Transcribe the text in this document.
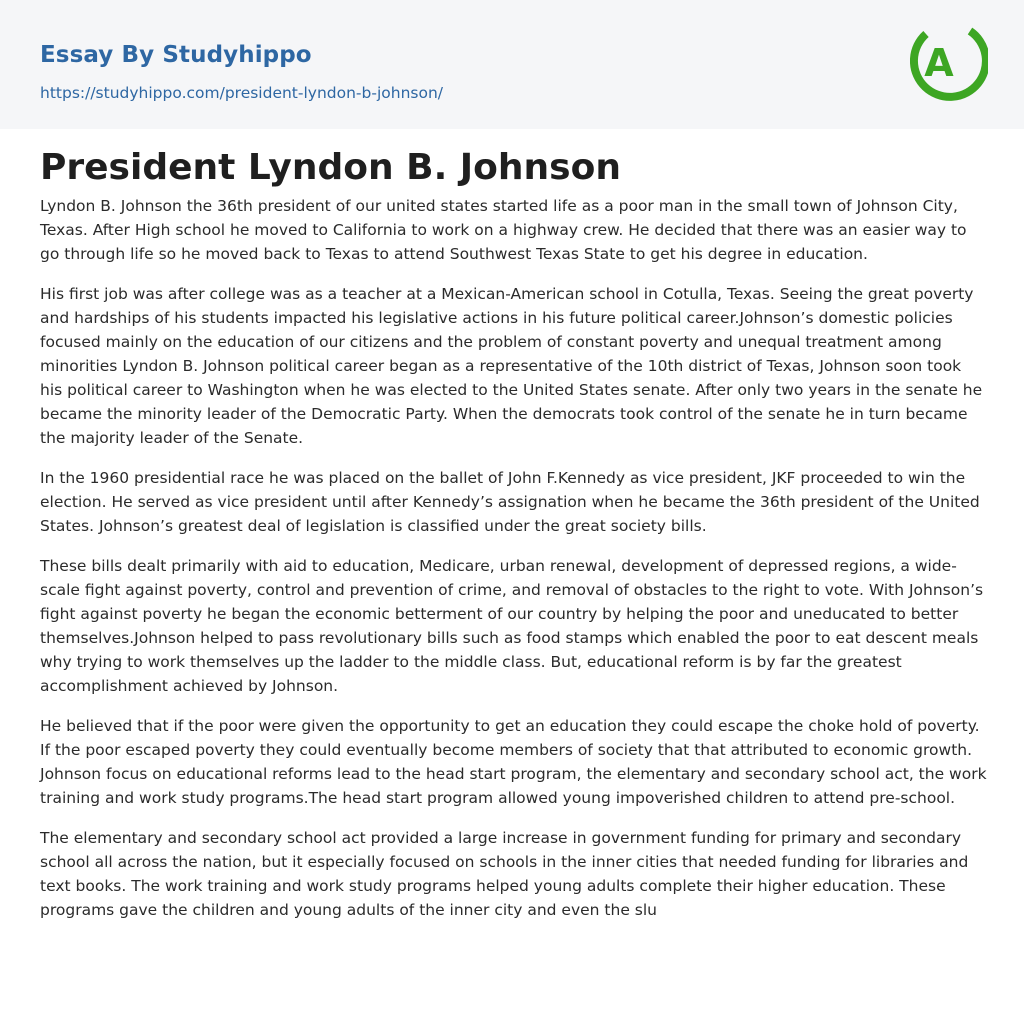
Essay By Studyhippo
https://studyhippo.com/president-lyndon-b-johnson/
A
President Lyndon B. Johnson

Lyndon B. Johnson the 36th president of our united states started life as a poor man in the small town of Johnson City, Texas. After High school he moved to California to work on a highway crew. He decided that there was an easier way to go through life so he moved back to Texas to attend Southwest Texas State to get his degree in education.

His first job was after college was as a teacher at a Mexican-American school in Cotulla, Texas. Seeing the great poverty and hardships of his students impacted his legislative actions in his future political career.Johnson’s domestic policies focused mainly on the education of our citizens and the problem of constant poverty and unequal treatment among minorities Lyndon B. Johnson political career began as a representative of the 10th district of Texas, Johnson soon took his political career to Washington when he was elected to the United States senate. After only two years in the senate he became the minority leader of the Democratic Party. When the democrats took control of the senate he in turn became the majority leader of the Senate.

In the 1960 presidential race he was placed on the ballet of John F.Kennedy as vice president, JKF proceeded to win the election. He served as vice president until after Kennedy’s assignation when he became the 36th president of the United States. Johnson’s greatest deal of legislation is classified under the great society bills.

These bills dealt primarily with aid to education, Medicare, urban renewal, development of depressed regions, a wide-scale fight against poverty, control and prevention of crime, and removal of obstacles to the right to vote. With Johnson’s fight against poverty he began the economic betterment of our country by helping the poor and uneducated to better themselves.Johnson helped to pass revolutionary bills such as food stamps which enabled the poor to eat descent meals why trying to work themselves up the ladder to the middle class. But, educational reform is by far the greatest accomplishment achieved by Johnson.

He believed that if the poor were given the opportunity to get an education they could escape the choke hold of poverty. If the poor escaped poverty they could eventually become members of society that that attributed to economic growth. Johnson focus on educational reforms lead to the head start program, the elementary and secondary school act, the work training and work study programs.The head start program allowed young impoverished children to attend pre-school.

The elementary and secondary school act provided a large increase in government funding for primary and secondary school all across the nation, but it especially focused on schools in the inner cities that needed funding for libraries and text books. The work training and work study programs helped young adults complete their higher education. These programs gave the children and young adults of the inner city and even the slu
